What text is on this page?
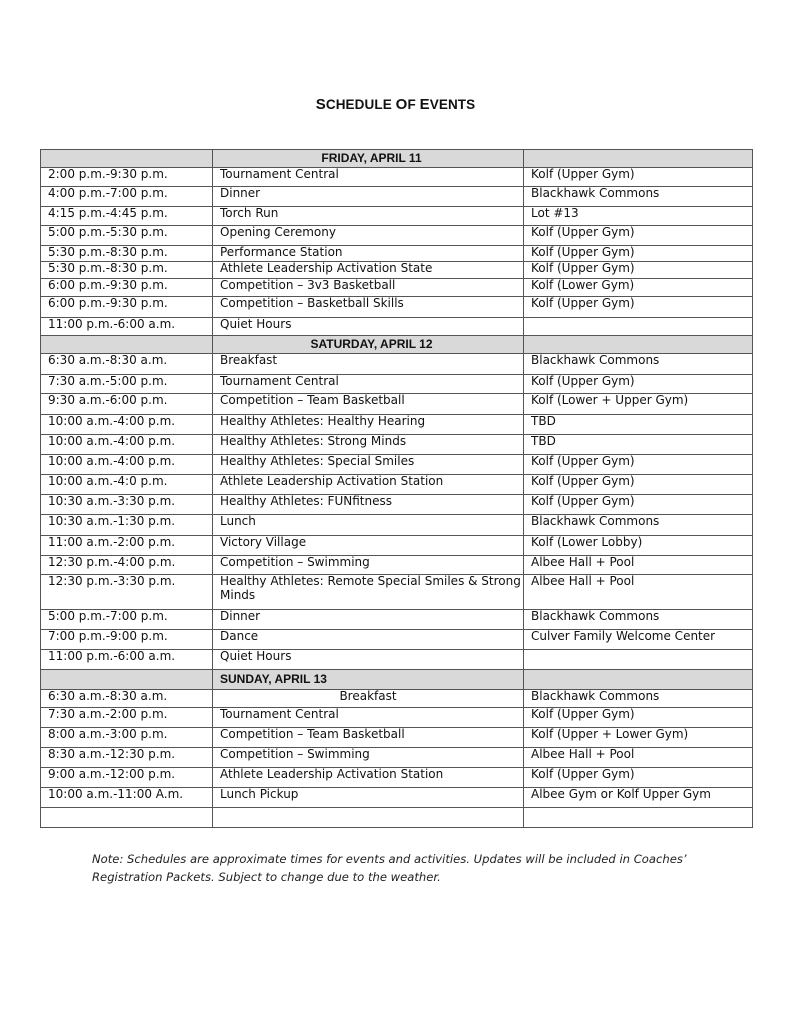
SCHEDULE OF EVENTS
	FRIDAY, APRIL 11	
2:00 p.m.-9:30 p.m.	Tournament Central	Kolf (Upper Gym)
4:00 p.m.-7:00 p.m.	Dinner	Blackhawk Commons
4:15 p.m.-4:45 p.m.	Torch Run	Lot #13
5:00 p.m.-5:30 p.m.	Opening Ceremony	Kolf (Upper Gym)
5:30 p.m.-8:30 p.m.	Performance Station	Kolf (Upper Gym)
5:30 p.m.-8:30 p.m.	Athlete Leadership Activation State	Kolf (Upper Gym)
6:00 p.m.-9:30 p.m.	Competition – 3v3 Basketball	Kolf (Lower Gym)
6:00 p.m.-9:30 p.m.	Competition – Basketball Skills	Kolf (Upper Gym)
11:00 p.m.-6:00 a.m.	Quiet Hours	
	SATURDAY, APRIL 12	
6:30 a.m.-8:30 a.m.	Breakfast	Blackhawk Commons
7:30 a.m.-5:00 p.m.	Tournament Central	Kolf (Upper Gym)
9:30 a.m.-6:00 p.m.	Competition – Team Basketball	Kolf (Lower + Upper Gym)
10:00 a.m.-4:00 p.m.	Healthy Athletes: Healthy Hearing	TBD
10:00 a.m.-4:00 p.m.	Healthy Athletes: Strong Minds	TBD
10:00 a.m.-4:00 p.m.	Healthy Athletes: Special Smiles	Kolf (Upper Gym)
10:00 a.m.-4:0 p.m.	Athlete Leadership Activation Station	Kolf (Upper Gym)
10:30 a.m.-3:30 p.m.	Healthy Athletes: FUNfitness	Kolf (Upper Gym)
10:30 a.m.-1:30 p.m.	Lunch	Blackhawk Commons
11:00 a.m.-2:00 p.m.	Victory Village	Kolf (Lower Lobby)
12:30 p.m.-4:00 p.m.	Competition – Swimming	Albee Hall + Pool
12:30 p.m.-3:30 p.m.	Healthy Athletes: Remote Special Smiles & Strong Minds	Albee Hall + Pool
5:00 p.m.-7:00 p.m.	Dinner	Blackhawk Commons
7:00 p.m.-9:00 p.m.	Dance	Culver Family Welcome Center
11:00 p.m.-6:00 a.m.	Quiet Hours	
	SUNDAY, APRIL 13	
6:30 a.m.-8:30 a.m.	Breakfast	Blackhawk Commons
7:30 a.m.-2:00 p.m.	Tournament Central	Kolf (Upper Gym)
8:00 a.m.-3:00 p.m.	Competition – Team Basketball	Kolf (Upper + Lower Gym)
8:30 a.m.-12:30 p.m.	Competition – Swimming	Albee Hall + Pool
9:00 a.m.-12:00 p.m.	Athlete Leadership Activation Station	Kolf (Upper Gym)
10:00 a.m.-11:00 A.m.	Lunch Pickup	Albee Gym or Kolf Upper Gym

Note: Schedules are approximate times for events and activities. Updates will be included in Coaches’ Registration Packets. Subject to change due to the weather.
